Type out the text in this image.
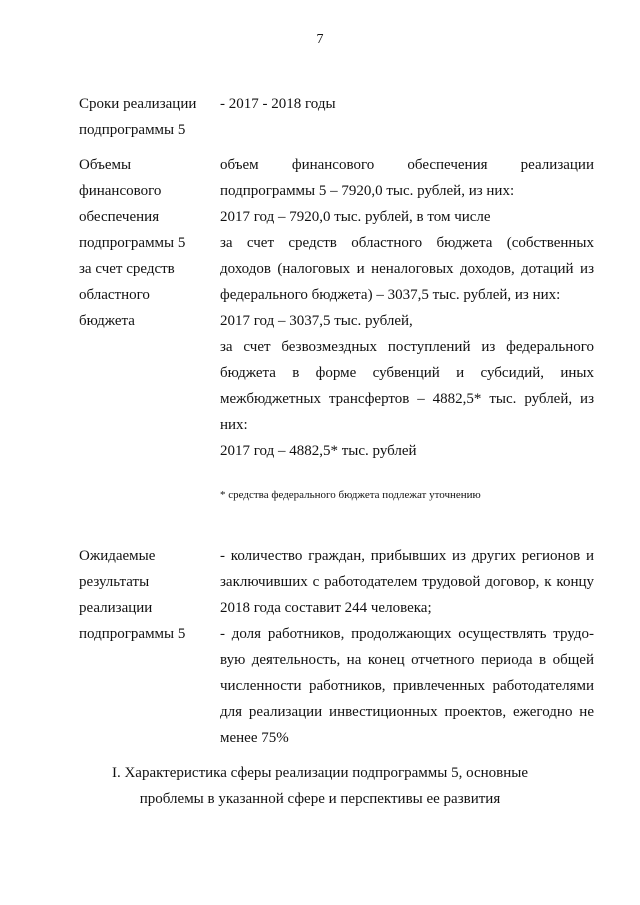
7
Сроки реализации
подпрограммы 5
- 2017 - 2018 годы
Объемы
финансового
обеспечения
подпрограммы 5
за счет средств
областного
бюджета
объем финансового обеспечения реализации
подпрограммы 5 – 7920,0 тыс. рублей, из них:
2017 год – 7920,0 тыс. рублей, в том числе
за счет средств областного бюджета (собственных
доходов (налоговых и неналоговых доходов, дотаций из
федерального бюджета) – 3037,5 тыс. рублей, из них:
2017 год – 3037,5 тыс. рублей,
за счет безвозмездных поступлений из федерального
бюджета в форме субвенций и субсидий, иных
межбюджетных трансфертов – 4882,5* тыс. рублей, из
них:
2017 год – 4882,5* тыс. рублей
* средства федерального бюджета подлежат уточнению
Ожидаемые
результаты
реализации
подпрограммы 5
- количество граждан, прибывших из других регионов и
заключивших с работодателем трудовой договор, к концу
2018 года составит 244 человека;
- доля работников, продолжающих осуществлять трудо-
вую деятельность, на конец отчетного периода в общей
численности работников, привлеченных работодателями
для реализации инвестиционных проектов, ежегодно не
менее 75%
I. Характеристика сферы реализации подпрограммы 5, основные
проблемы в указанной сфере и перспективы ее развития
